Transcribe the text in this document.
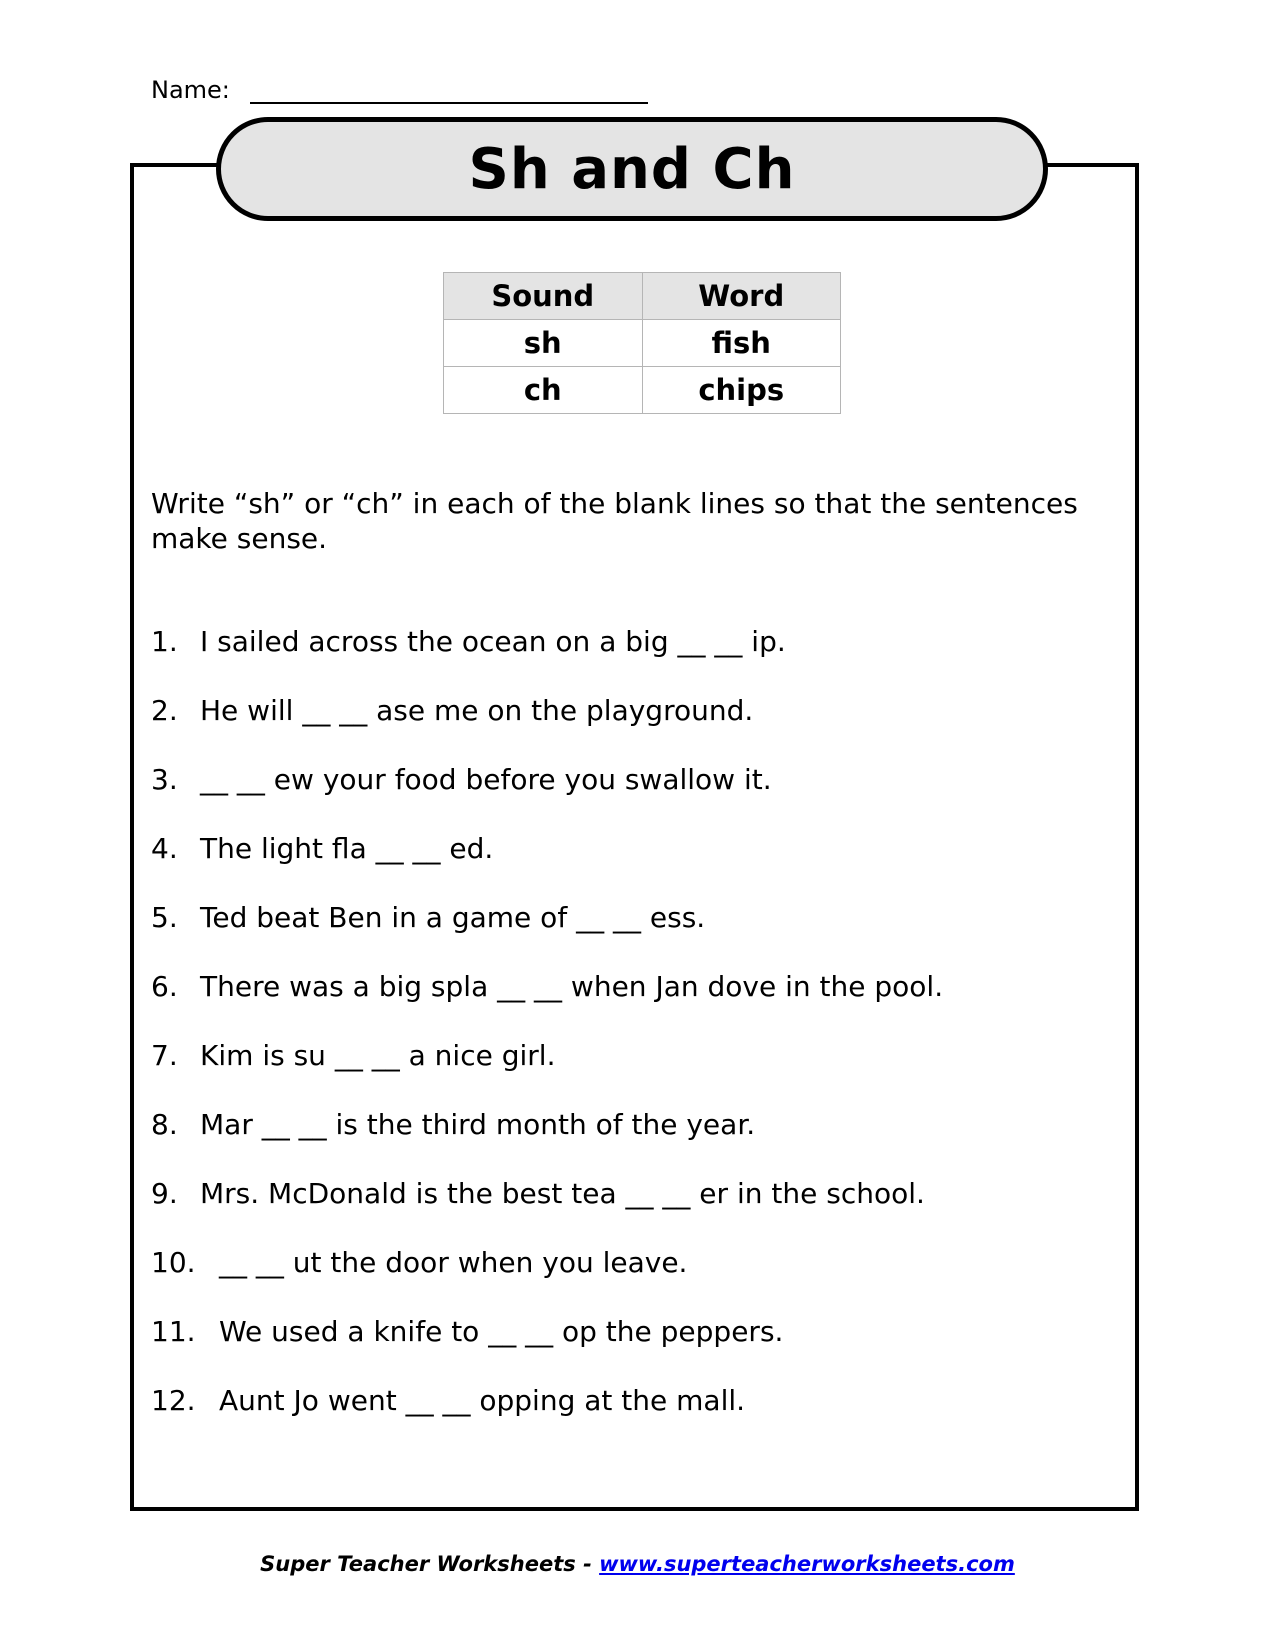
Name:
Sh and Ch
Sound	Word
sh	fish
ch	chips

Write “sh” or “ch” in each of the blank lines so that the sentences make sense.

1. I sailed across the ocean on a big __ __ ip.
2. He will __ __ ase me on the playground.
3. __ __ ew your food before you swallow it.
4. The light fla __ __ ed.
5. Ted beat Ben in a game of __ __ ess.
6. There was a big spla __ __ when Jan dove in the pool.
7. Kim is su __ __ a nice girl.
8. Mar __ __ is the third month of the year.
9. Mrs. McDonald is the best tea __ __ er in the school.
10. __ __ ut the door when you leave.
11. We used a knife to __ __ op the peppers.
12. Aunt Jo went __ __ opping at the mall.
Super Teacher Worksheets - www.superteacherworksheets.com
